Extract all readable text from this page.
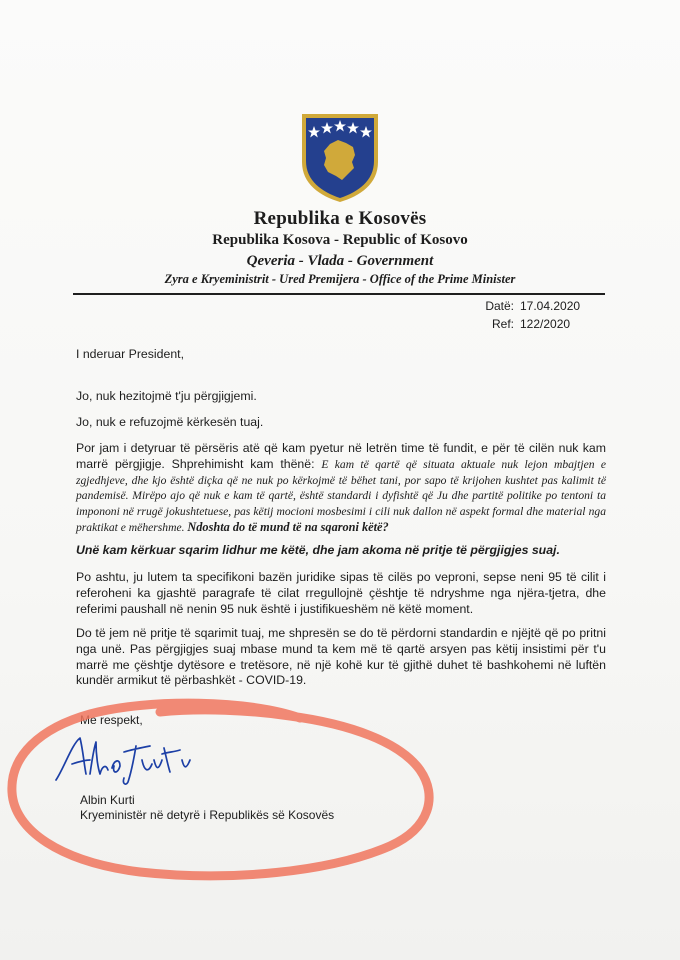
Republika e Kosovës
Republika Kosova - Republic of Kosovo
Qeveria - Vlada - Government
Zyra e Kryeministrit - Ured Premijera - Office of the Prime Minister
Datë: 17.04.2020
Ref: 122/2020
I nderuar President,
Jo, nuk hezitojmë t'ju përgjigjemi.
Jo, nuk e refuzojmë kërkesën tuaj.
Por jam i detyruar të përsëris atë që kam pyetur në letrën time të fundit, e për të cilën nuk kam marrë përgjigje. Shprehimisht kam thënë: E kam të qartë që situata aktuale nuk lejon mbajtjen e zgjedhjeve, dhe kjo është diçka që ne nuk po kërkojmë të bëhet tani, por sapo të krijohen kushtet pas kalimit të pandemisë. Mirëpo ajo që nuk e kam të qartë, është standardi i dyfishtë që Ju dhe partitë politike po tentoni ta impononi në rrugë jokushtetuese, pas këtij mocioni mosbesimi i cili nuk dallon në aspekt formal dhe material nga praktikat e mëhershme. Ndoshta do të mund të na sqaroni këtë?
Unë kam kërkuar sqarim lidhur me këtë, dhe jam akoma në pritje të përgjigjes suaj.
Po ashtu, ju lutem ta specifikoni bazën juridike sipas të cilës po veproni, sepse neni 95 të cilit i referoheni ka gjashtë paragrafe të cilat rregullojnë çështje të ndryshme nga njëra-tjetra, dhe referimi paushall në nenin 95 nuk është i justifikueshëm në këtë moment.
Do të jem në pritje të sqarimit tuaj, me shpresën se do të përdorni standardin e njëjtë që po pritni nga unë. Pas përgjigjes suaj mbase mund ta kem më të qartë arsyen pas këtij insistimi për t'u marrë me çështje dytësore e tretësore, në një kohë kur të gjithë duhet të bashkohemi në luftën kundër armikut të përbashkët - COVID-19.
Me respekt,
Albin Kurti
Kryeministër në detyrë i Republikës së Kosovës
